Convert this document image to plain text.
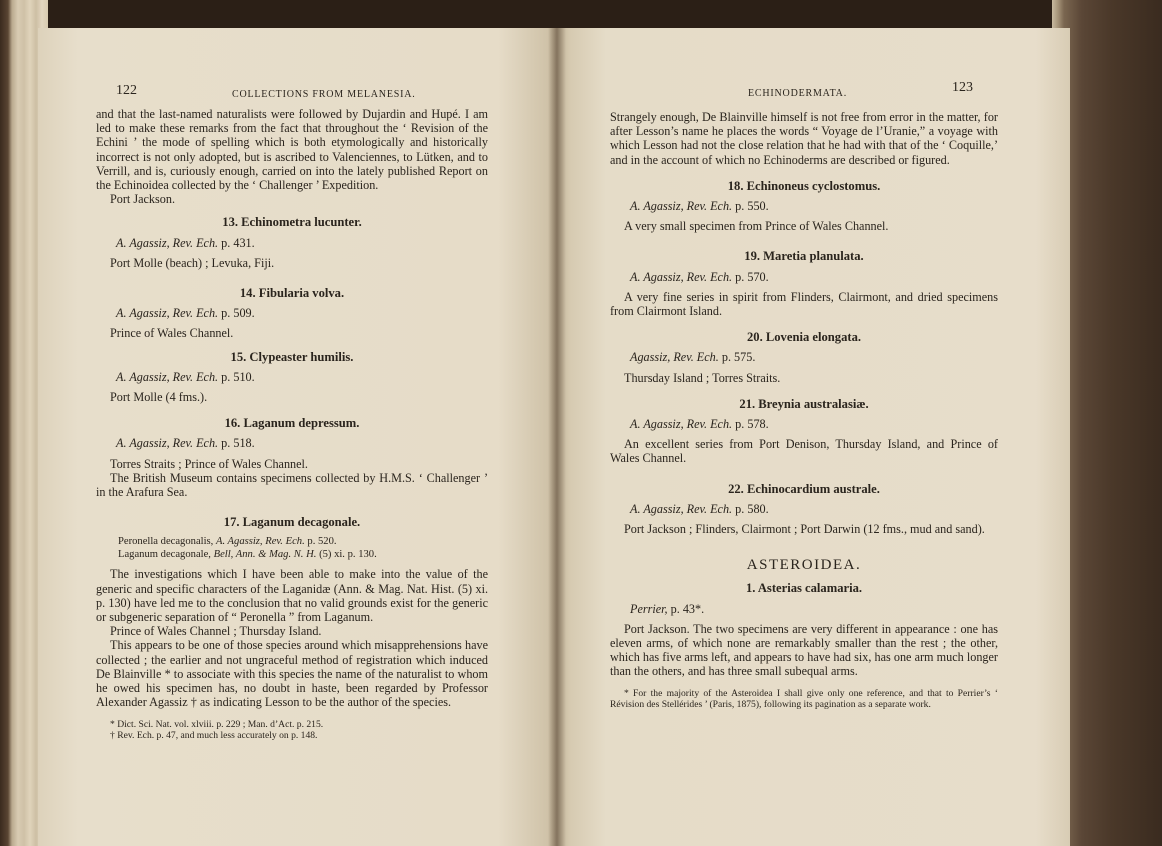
122	COLLECTIONS FROM MELANESIA.

and that the last-named naturalists were followed by Dujardin and Hupé. I am led to make these remarks from the fact that throughout the ‘ Revision of the Echini ’ the mode of spelling which is both etymologically and historically incorrect is not only adopted, but is ascribed to Valenciennes, to Lütken, and to Verrill, and is, curiously enough, carried on into the lately published Report on the Echinoidea collected by the ‘ Challenger ’ Expedition.

Port Jackson.

13. Echinometra lucunter.

A. Agassiz, Rev. Ech. p. 431.

Port Molle (beach) ; Levuka, Fiji.

14. Fibularia volva.

A. Agassiz, Rev. Ech. p. 509.

Prince of Wales Channel.

15. Clypeaster humilis.

A. Agassiz, Rev. Ech. p. 510.

Port Molle (4 fms.).

16. Laganum depressum.

A. Agassiz, Rev. Ech. p. 518.

Torres Straits ; Prince of Wales Channel.

The British Museum contains specimens collected by H.M.S. ‘ Challenger ’ in the Arafura Sea.

17. Laganum decagonale.

Peronella decagonalis, A. Agassiz, Rev. Ech. p. 520.

Laganum decagonale, Bell, Ann. & Mag. N. H. (5) xi. p. 130.

The investigations which I have been able to make into the value of the generic and specific characters of the Laganidæ (Ann. & Mag. Nat. Hist. (5) xi. p. 130) have led me to the conclusion that no valid grounds exist for the generic or subgeneric separation of “ Peronella ” from Laganum.

Prince of Wales Channel ; Thursday Island.

This appears to be one of those species around which misapprehensions have collected ; the earlier and not ungraceful method of registration which induced De Blainville * to associate with this species the name of the naturalist to whom he owed his specimen has, no doubt in haste, been regarded by Professor Alexander Agassiz † as indicating Lesson to be the author of the species.

* Dict. Sci. Nat. vol. xlviii. p. 229 ; Man. d’Act. p. 215.

† Rev. Ech. p. 47, and much less accurately on p. 148.

ECHINODERMATA.	123

Strangely enough, De Blainville himself is not free from error in the matter, for after Lesson’s name he places the words “ Voyage de l’Uranie,” a voyage with which Lesson had not the close relation that he had with that of the ‘ Coquille,’ and in the account of which no Echinoderms are described or figured.

18. Echinoneus cyclostomus.

A. Agassiz, Rev. Ech. p. 550.

A very small specimen from Prince of Wales Channel.

19. Maretia planulata.

A. Agassiz, Rev. Ech. p. 570.

A very fine series in spirit from Flinders, Clairmont, and dried specimens from Clairmont Island.

20. Lovenia elongata.

Agassiz, Rev. Ech. p. 575.

Thursday Island ; Torres Straits.

21. Breynia australasiæ.

A. Agassiz, Rev. Ech. p. 578.

An excellent series from Port Denison, Thursday Island, and Prince of Wales Channel.

22. Echinocardium australe.

A. Agassiz, Rev. Ech. p. 580.

Port Jackson ; Flinders, Clairmont ; Port Darwin (12 fms., mud and sand).

ASTEROIDEA.

1. Asterias calamaria.

Perrier, p. 43*.

Port Jackson. The two specimens are very different in appearance : one has eleven arms, of which none are remarkably smaller than the rest ; the other, which has five arms left, and appears to have had six, has one arm much longer than the others, and has three small subequal arms.

* For the majority of the Asteroidea I shall give only one reference, and that to Perrier’s ‘ Révision des Stellérides ’ (Paris, 1875), following its pagination as a separate work.
